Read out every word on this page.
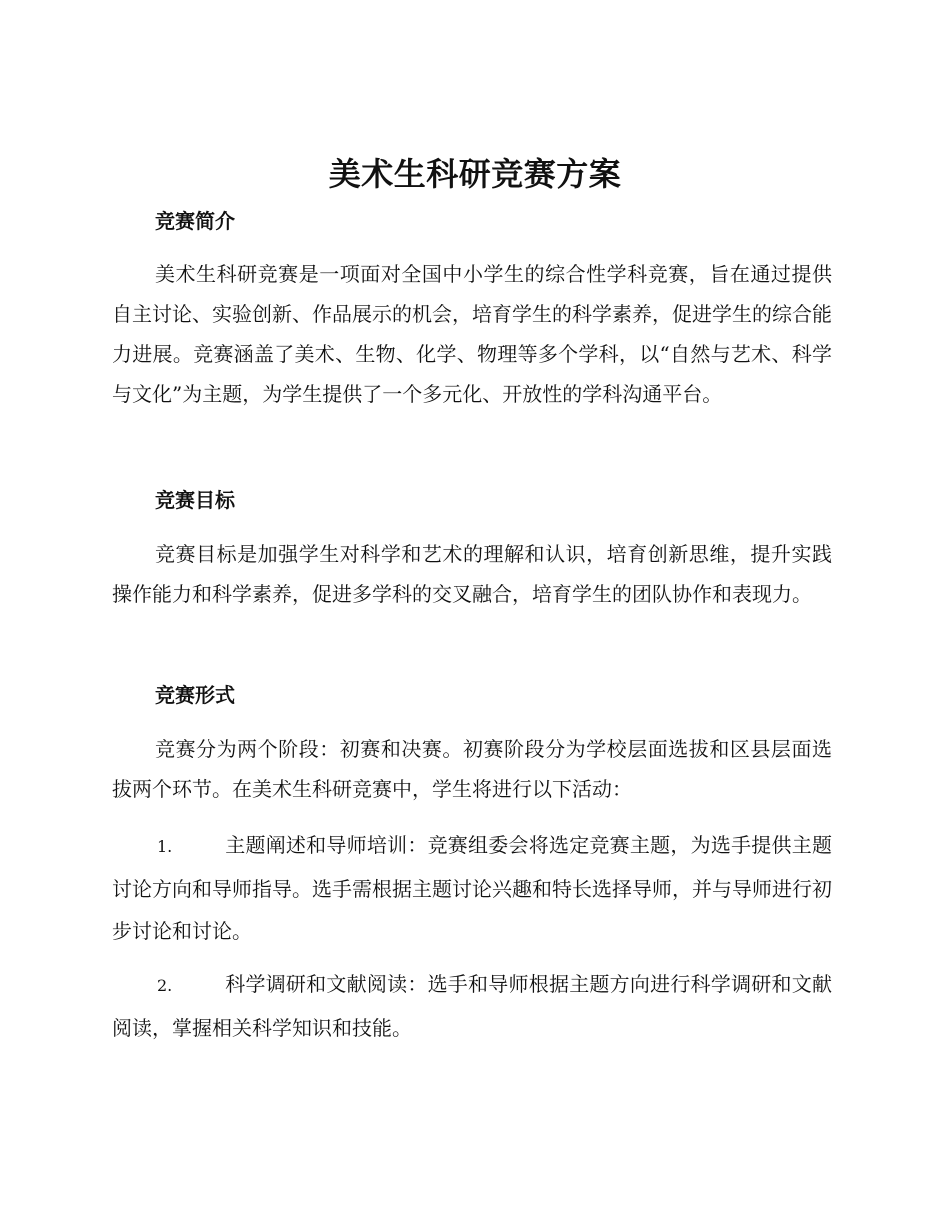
美术生科研竞赛方案
竞赛简介
美术生科研竞赛是一项面对全国中小学生的综合性学科竞赛，旨在通过提供自主讨论、实验创新、作品展示的机会，培育学生的科学素养，促进学生的综合能力进展。竞赛涵盖了美术、生物、化学、物理等多个学科，以“自然与艺术、科学与文化”为主题，为学生提供了一个多元化、开放性的学科沟通平台。
竞赛目标
竞赛目标是加强学生对科学和艺术的理解和认识，培育创新思维，提升实践操作能力和科学素养，促进多学科的交叉融合，培育学生的团队协作和表现力。
竞赛形式
竞赛分为两个阶段：初赛和决赛。初赛阶段分为学校层面选拔和区县层面选拔两个环节。在美术生科研竞赛中，学生将进行以下活动：
1.	主题阐述和导师培训：竞赛组委会将选定竞赛主题，为选手提供主题讨论方向和导师指导。选手需根据主题讨论兴趣和特长选择导师，并与导师进行初步讨论和讨论。
2.	科学调研和文献阅读：选手和导师根据主题方向进行科学调研和文献阅读，掌握相关科学知识和技能。
